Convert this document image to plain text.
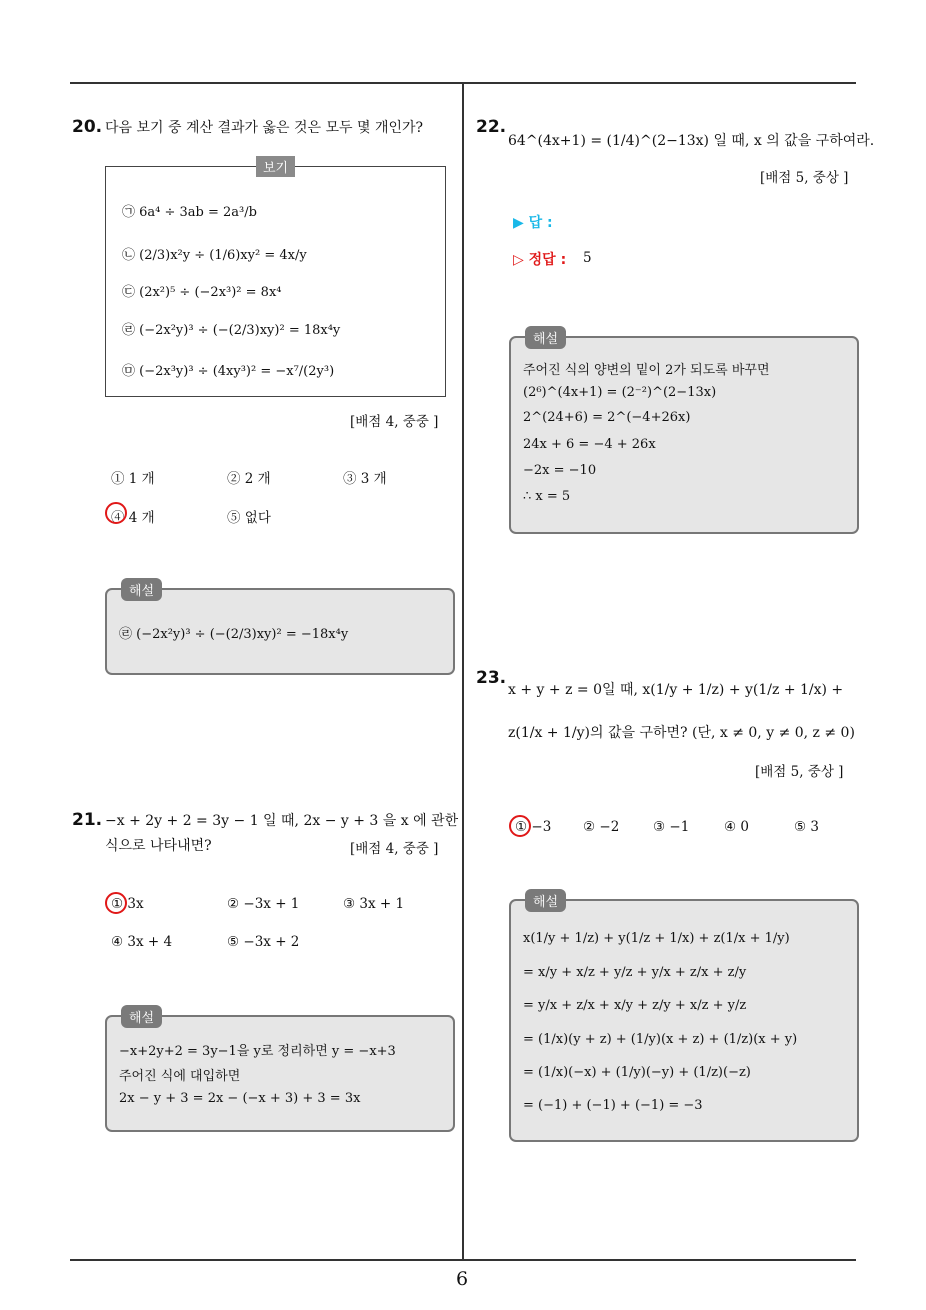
20. 다음 보기 중 계산 결과가 옳은 것은 모두 몇 개인가?
보기
㉠ 6a⁴ ÷ 3ab = 2a³/b
㉡ (2/3)x²y ÷ (1/6)xy² = 4x/y
㉢ (2x²)⁵ ÷ (−2x³)² = 8x⁴
㉣ (−2x²y)³ ÷ (−(2/3)xy)² = 18x⁴y
㉤ (−2x³y)³ ÷ (4xy³)² = −x⁷/(2y³)
[배점 4, 중중 ]
① 1 개	② 2 개	③ 3 개
④ 4 개	⑤ 없다
해설
㉣ (−2x²y)³ ÷ (−(2/3)xy)² = −18x⁴y
21. −x + 2y + 2 = 3y − 1 일 때, 2x − y + 3 을 x 에 관한
식으로 나타내면?	[배점 4, 중중 ]
① 3x	② −3x + 1	③ 3x + 1
④ 3x + 4	⑤ −3x + 2
해설
−x+2y+2 = 3y−1을 y로 정리하면 y = −x+3
주어진 식에 대입하면
2x − y + 3 = 2x − (−x + 3) + 3 = 3x
22.
64^(4x+1) = (1/4)^(2−13x) 일 때, x 의 값을 구하여라.
[배점 5, 중상 ]
▶ 답 :
▷ 정답 : 5
해설
주어진 식의 양변의 밑이 2가 되도록 바꾸면
(2⁶)^(4x+1) = (2⁻²)^(2−13x)
2^(24+6) = 2^(−4+26x)
24x + 6 = −4 + 26x
−2x = −10
∴ x = 5
23.
x + y + z = 0일 때, x(1/y + 1/z) + y(1/z + 1/x) +
z(1/x + 1/y)의 값을 구하면? (단, x ≠ 0, y ≠ 0, z ≠ 0)
[배점 5, 중상 ]
① −3 ② −2 ③ −1	④ 0	⑤ 3
해설
x(1/y + 1/z) + y(1/z + 1/x) + z(1/x + 1/y)
= x/y + x/z + y/z + y/x + z/x + z/y
= y/x + z/x + x/y + z/y + x/z + y/z
= (1/x)(y + z) + (1/y)(x + z) + (1/z)(x + y)
= (1/x)(−x) + (1/y)(−y) + (1/z)(−z)
= (−1) + (−1) + (−1) = −3
6
